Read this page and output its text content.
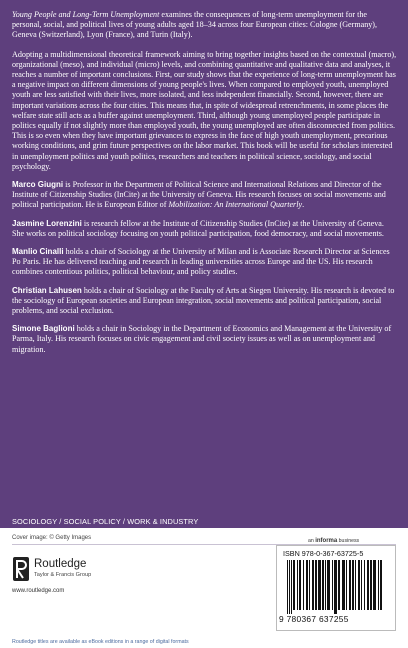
Young People and Long-Term Unemployment examines the consequences of long-term unemployment for the personal, social, and political lives of young adults aged 18–34 across four European cities: Cologne (Germany), Geneva (Switzerland), Lyon (France), and Turin (Italy).

Adopting a multidimensional theoretical framework aiming to bring together insights based on the contextual (macro), organizational (meso), and individual (micro) levels, and combining quantitative and qualitative data and analyses, it reaches a number of important conclusions. First, our study shows that the experience of long-term unemployment has a negative impact on different dimensions of young people's lives. When compared to employed youth, unemployed youth are less satisfied with their lives, more isolated, and less independent financially. Second, however, there are important variations across the four cities. This means that, in spite of widespread retrenchments, in some places the welfare state still acts as a buffer against unemployment. Third, although young unemployed people participate in politics equally if not slightly more than employed youth, the young unemployed are often disconnected from politics. This is so even when they have important grievances to express in the face of high youth unemployment, precarious working conditions, and grim future perspectives on the labor market. This book will be useful for scholars interested in unemployment politics and youth politics, researchers and teachers in political science, sociology, and social psychology.

Marco Giugni is Professor in the Department of Political Science and International Relations and Director of the Institute of Citizenship Studies (InCite) at the University of Geneva. His research focuses on social movements and political participation. He is European Editor of Mobilization: An International Quarterly.

Jasmine Lorenzini is research fellow at the Institute of Citizenship Studies (InCite) at the University of Geneva. She works on political sociology focusing on youth political participation, food democracy, and social movements.

Manlio Cinalli holds a chair of Sociology at the University of Milan and is Associate Research Director at Sciences Po Paris. He has delivered teaching and research in leading universities across Europe and the US. His research combines contentious politics, political behaviour, and policy studies.

Christian Lahusen holds a chair of Sociology at the Faculty of Arts at Siegen University. His research is devoted to the sociology of European societies and European integration, social movements and political participation, social problems, and social exclusion.

Simone Baglioni holds a chair in Sociology in the Department of Economics and Management at the University of Parma, Italy. His research focuses on civic engagement and civil society issues as well as on unemployment and migration.

SOCIOLOGY / SOCIAL POLICY / WORK & INDUSTRY
Cover image: © Getty Images
Routledge
Taylor & Francis Group
www.routledge.com
an informa business
ISBN 978-0-367-63725-5
9 780367 637255
Routledge titles are available as eBook editions in a range of digital formats
